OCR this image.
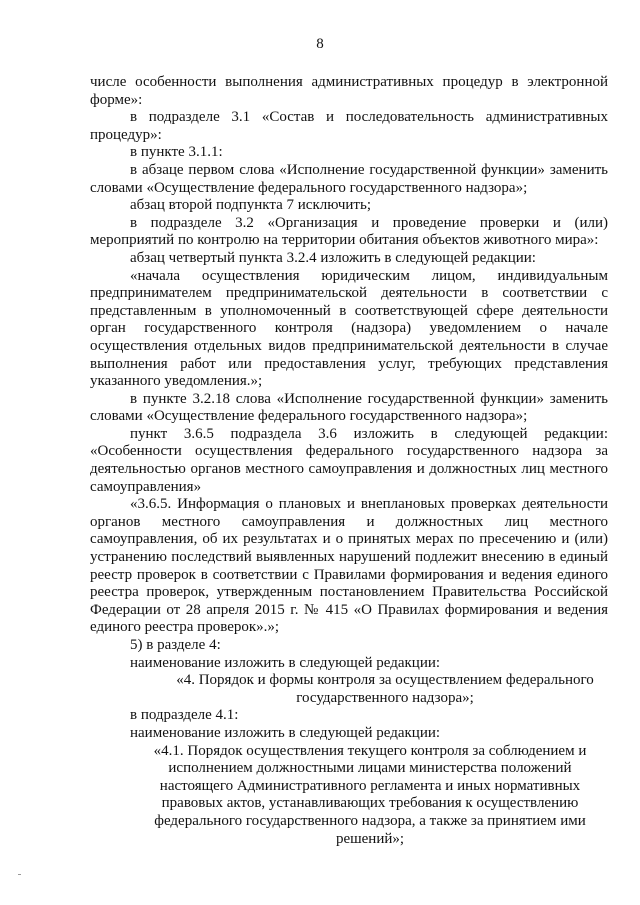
8

числе особенности выполнения административных процедур в электронной форме»:

в подразделе 3.1 «Состав и последовательность административных процедур»:

в пункте 3.1.1:

в абзаце первом слова «Исполнение государственной функции» заменить словами «Осуществление федерального государственного надзора»;

абзац второй подпункта 7 исключить;

в подразделе 3.2 «Организация и проведение проверки и (или) мероприятий по контролю на территории обитания объектов животного мира»:

абзац четвертый пункта 3.2.4 изложить в следующей редакции:

«начала осуществления юридическим лицом, индивидуальным предпринимателем предпринимательской деятельности в соответствии с представленным в уполномоченный в соответствующей сфере деятельности орган государственного контроля (надзора) уведомлением о начале осуществления отдельных видов предпринимательской деятельности в случае выполнения работ или предоставления услуг, требующих представления указанного уведомления.»;

в пункте 3.2.18 слова «Исполнение государственной функции» заменить словами «Осуществление федерального государственного надзора»;

пункт 3.6.5 подраздела 3.6 изложить в следующей редакции: «Особенности осуществления федерального государственного надзора за деятельностью органов местного самоуправления и должностных лиц местного самоуправления»

«3.6.5. Информация о плановых и внеплановых проверках деятельности органов местного самоуправления и должностных лиц местного самоуправления, об их результатах и о принятых мерах по пресечению и (или) устранению последствий выявленных нарушений подлежит внесению в единый реестр проверок в соответствии с Правилами формирования и ведения единого реестра проверок, утвержденным постановлением Правительства Российской Федерации от 28 апреля 2015 г. № 415 «О Правилах формирования и ведения единого реестра проверок».»;

5) в разделе 4:

наименование изложить в следующей редакции:

«4. Порядок и формы контроля за осуществлением федерального государственного надзора»;

в подразделе 4.1:

наименование изложить в следующей редакции:

«4.1. Порядок осуществления текущего контроля за соблюдением и исполнением должностными лицами министерства положений настоящего Административного регламента и иных нормативных правовых актов, устанавливающих требования к осуществлению федерального государственного надзора, а также за принятием ими решений»;
